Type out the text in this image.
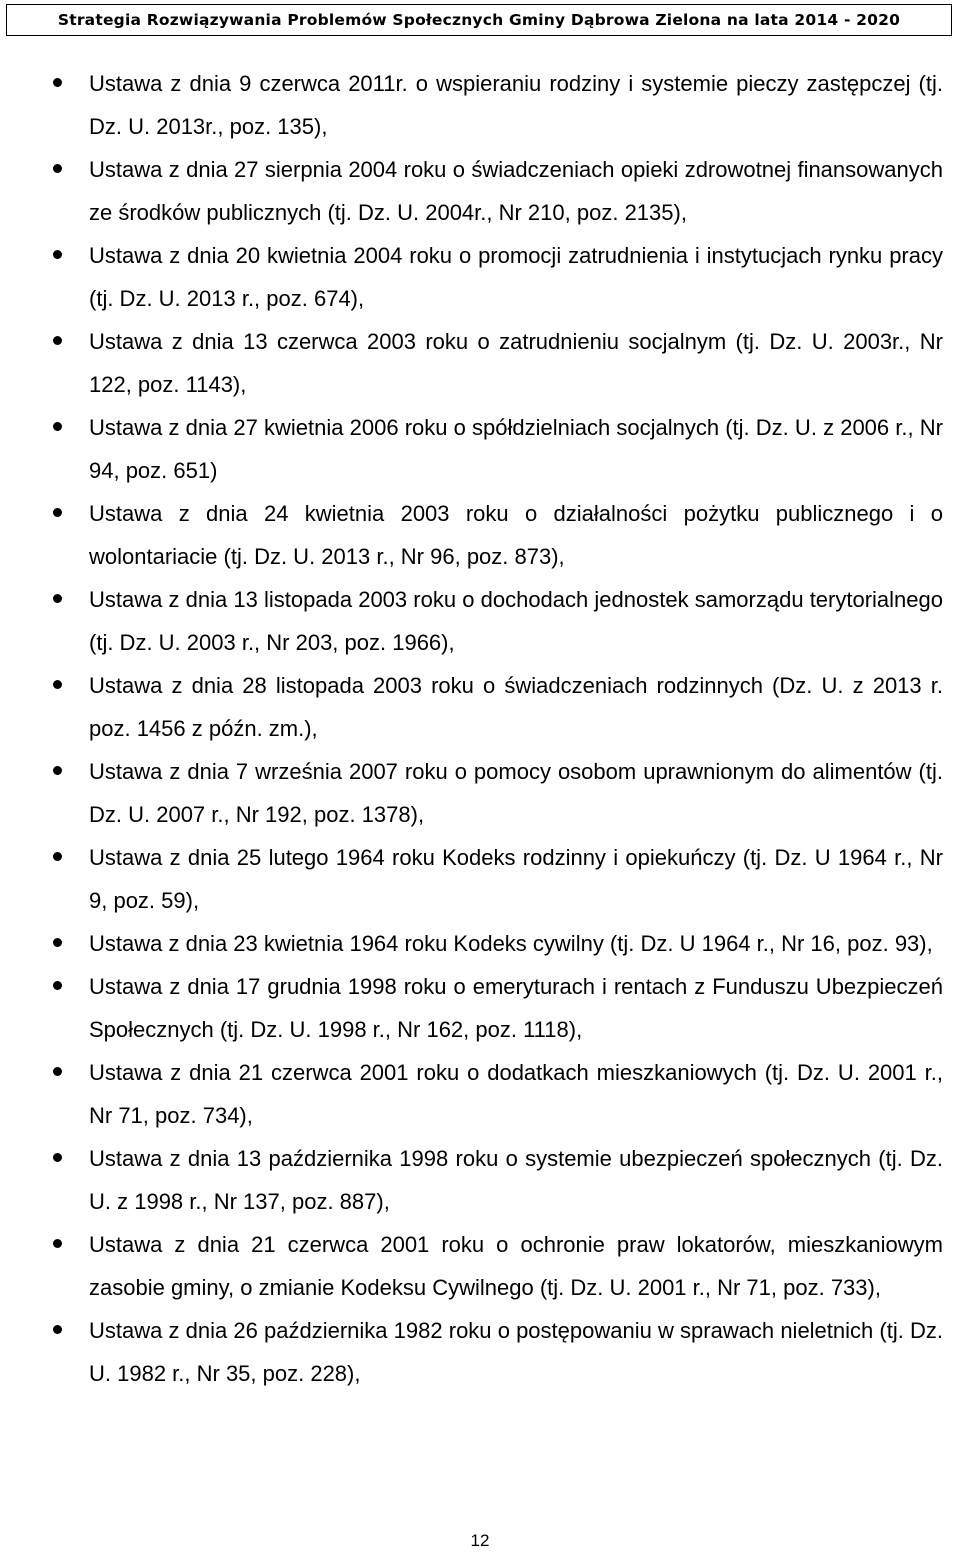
Strategia Rozwiązywania Problemów Społecznych Gminy Dąbrowa Zielona na lata 2014 - 2020
Ustawa z dnia 9 czerwca 2011r. o wspieraniu rodziny i systemie pieczy zastępczej (tj. Dz. U. 2013r., poz. 135),
Ustawa z dnia 27 sierpnia 2004 roku o świadczeniach opieki zdrowotnej finansowanych ze środków publicznych (tj. Dz. U. 2004r., Nr 210, poz. 2135),
Ustawa z dnia 20 kwietnia 2004 roku o promocji zatrudnienia i instytucjach rynku pracy (tj. Dz. U. 2013 r., poz. 674),
Ustawa z dnia 13 czerwca 2003 roku o zatrudnieniu socjalnym (tj. Dz. U. 2003r., Nr 122, poz. 1143),
Ustawa z dnia 27 kwietnia 2006 roku o spółdzielniach socjalnych (tj. Dz. U. z 2006 r., Nr 94, poz. 651)
Ustawa z dnia 24 kwietnia 2003 roku o działalności pożytku publicznego i o wolontariacie (tj. Dz. U. 2013 r., Nr 96, poz. 873),
Ustawa z dnia 13 listopada 2003 roku o dochodach jednostek samorządu terytorialnego (tj. Dz. U. 2003 r., Nr 203, poz. 1966),
Ustawa z dnia 28 listopada 2003 roku o świadczeniach rodzinnych (Dz. U. z 2013 r. poz. 1456 z późn. zm.),
Ustawa z dnia 7 września 2007 roku o pomocy osobom uprawnionym do alimentów (tj. Dz. U. 2007 r., Nr 192, poz. 1378),
Ustawa z dnia 25 lutego 1964 roku Kodeks rodzinny i opiekuńczy (tj. Dz. U 1964 r., Nr 9, poz. 59),
Ustawa z dnia 23 kwietnia 1964 roku Kodeks cywilny (tj. Dz. U 1964 r., Nr 16, poz. 93),
Ustawa z dnia 17 grudnia 1998 roku o emeryturach i rentach z Funduszu Ubezpieczeń Społecznych (tj. Dz. U. 1998 r., Nr 162, poz. 1118),
Ustawa z dnia 21 czerwca 2001 roku o dodatkach mieszkaniowych (tj. Dz. U. 2001 r., Nr 71, poz. 734),
Ustawa z dnia 13 października 1998 roku o systemie ubezpieczeń społecznych (tj. Dz. U. z 1998 r., Nr 137, poz. 887),
Ustawa z dnia 21 czerwca 2001 roku o ochronie praw lokatorów, mieszkaniowym zasobie gminy, o zmianie Kodeksu Cywilnego (tj. Dz. U. 2001 r., Nr 71, poz. 733),
Ustawa z dnia 26 października 1982 roku o postępowaniu w sprawach nieletnich (tj. Dz. U. 1982 r., Nr 35, poz. 228),
12
